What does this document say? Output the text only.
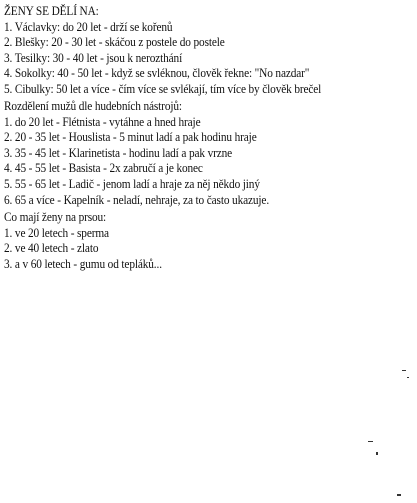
ŽENY SE DĚLÍ NA:
1. Václavky: do 20 let - drží se kořenů
2. Blešky: 20 - 30 let - skáčou z postele do postele
3. Tesilky: 30 - 40 let - jsou k nerozthání
4. Sokolky: 40 - 50 let - když se svléknou, člověk řekne: "No nazdar"
5. Cibulky: 50 let a více - čím více se svlékají, tím více by člověk brečel
Rozdělení mužů dle hudebních nástrojů:
1. do 20 let - Flétnista - vytáhne a hned hraje
2. 20 - 35 let - Houslista - 5 minut ladí a pak hodinu hraje
3. 35 - 45 let - Klarinetista - hodinu ladí a pak vrzne
4. 45 - 55 let - Basista - 2x zabručí a je konec
5. 55 - 65 let - Ladič - jenom ladí a hraje za něj někdo jiný
6. 65 a více - Kapelník - neladí, nehraje, za to často ukazuje.
Co mají ženy na prsou:
1. ve 20 letech - sperma
2. ve 40 letech - zlato
3. a v 60 letech - gumu od tepláků...
